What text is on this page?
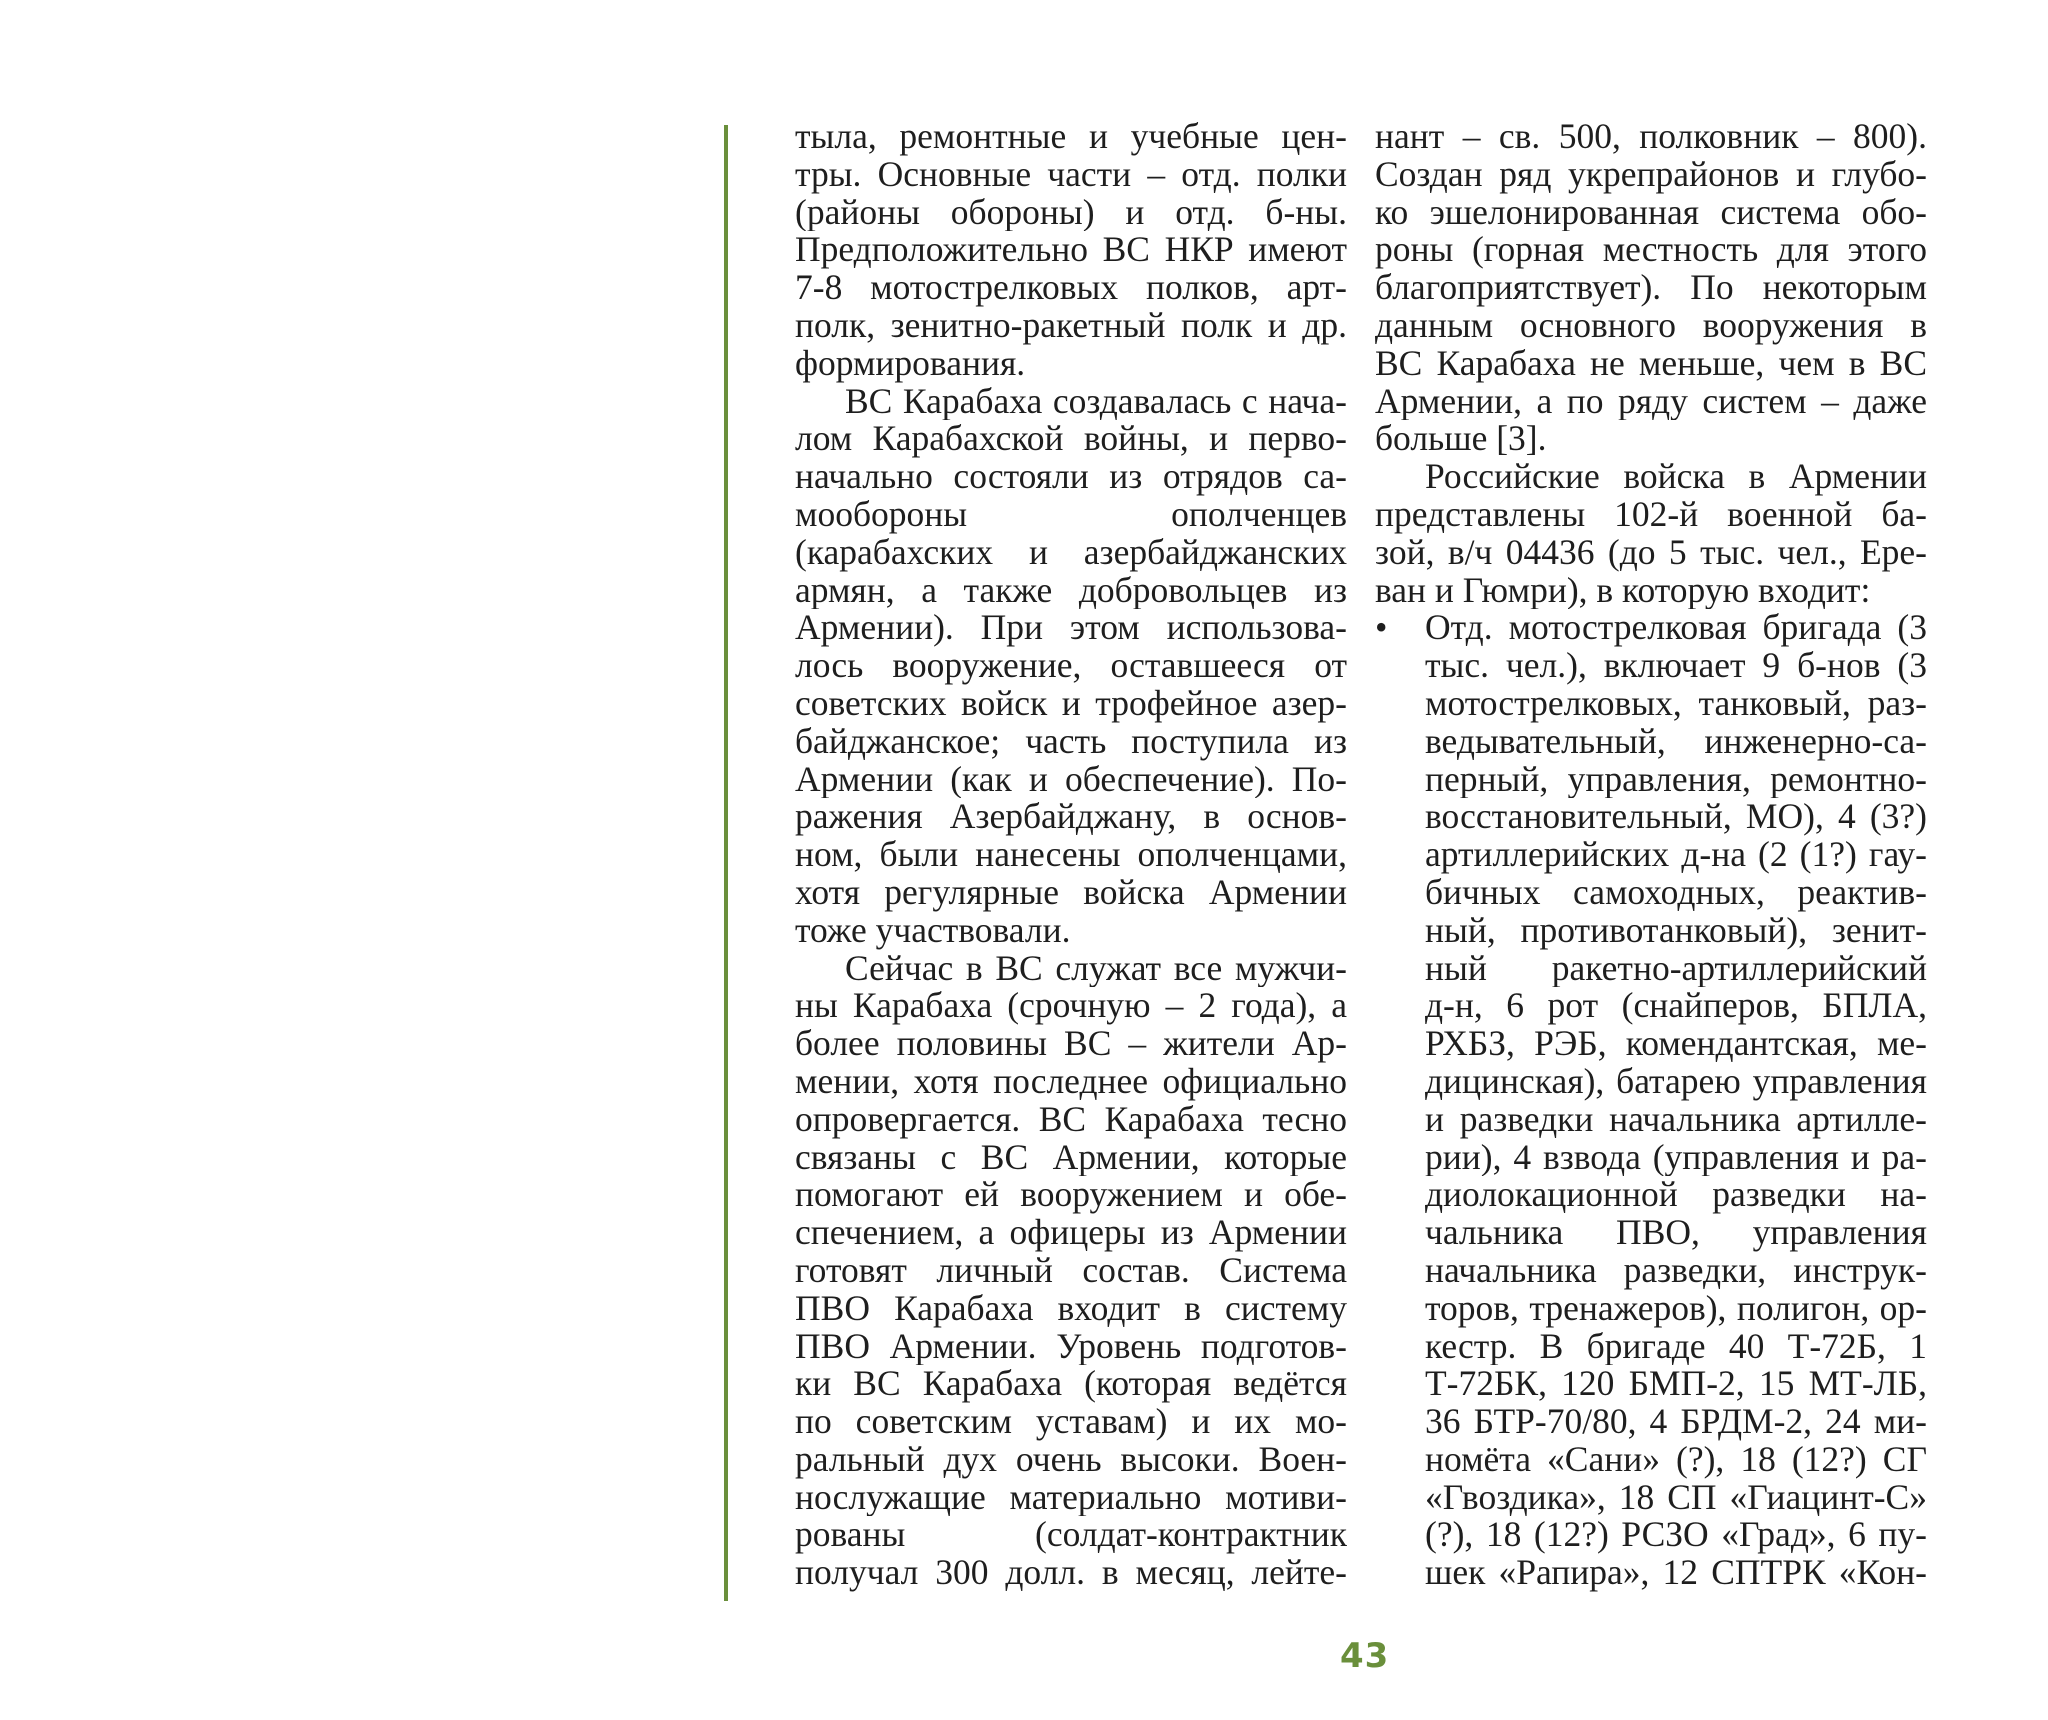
тыла, ремонтные и учебные цен-
тры. Основные части – отд. полки
(районы обороны) и отд. б-ны.
Предположительно ВС НКР имеют
7-8 мотострелковых полков, арт-
полк, зенитно-ракетный полк и др.
формирования.
ВС Карабаха создавалась с нача-
лом Карабахской войны, и перво-
начально состояли из отрядов са-
мообороны ополченцев
(карабахских и азербайджанских
армян, а также добровольцев из
Армении). При этом использова-
лось вооружение, оставшееся от
советских войск и трофейное азер-
байджанское; часть поступила из
Армении (как и обеспечение). По-
ражения Азербайджану, в основ-
ном, были нанесены ополченцами,
хотя регулярные войска Армении
тоже участвовали.
Сейчас в ВС служат все мужчи-
ны Карабаха (срочную – 2 года), а
более половины ВС – жители Ар-
мении, хотя последнее официально
опровергается. ВС Карабаха тесно
связаны с ВС Армении, которые
помогают ей вооружением и обе-
спечением, а офицеры из Армении
готовят личный состав. Система
ПВО Карабаха входит в систему
ПВО Армении. Уровень подготов-
ки ВС Карабаха (которая ведётся
по советским уставам) и их мо-
ральный дух очень высоки. Воен-
нослужащие материально мотиви-
рованы (солдат-контрактник
получал 300 долл. в месяц, лейте-
нант – св. 500, полковник – 800).
Создан ряд укрепрайонов и глубо-
ко эшелонированная система обо-
роны (горная местность для этого
благоприятствует). По некоторым
данным основного вооружения в
ВС Карабаха не меньше, чем в ВС
Армении, а по ряду систем – даже
больше [3].
Российские войска в Армении
представлены 102-й военной ба-
зой, в/ч 04436 (до 5 тыс. чел., Ере-
ван и Гюмри), в которую входит:
•	Отд. мотострелковая бригада (3
тыс. чел.), включает 9 б-нов (3
мотострелковых, танковый, раз-
ведывательный, инженерно-са-
перный, управления, ремонтно-
восстановительный, МО), 4 (3?)
артиллерийских д-на (2 (1?) гау-
бичных самоходных, реактив-
ный, противотанковый), зенит-
ный ракетно-артиллерийский
д-н, 6 рот (снайперов, БПЛА,
РХБЗ, РЭБ, комендантская, ме-
дицинская), батарею управления
и разведки начальника артилле-
рии), 4 взвода (управления и ра-
диолокационной разведки на-
чальника ПВО, управления
начальника разведки, инструк-
торов, тренажеров), полигон, ор-
кестр. В бригаде 40 Т-72Б, 1
Т-72БК, 120 БМП-2, 15 МТ-ЛБ,
36 БТР-70/80, 4 БРДМ-2, 24 ми-
номёта «Сани» (?), 18 (12?) СГ
«Гвоздика», 18 СП «Гиацинт-С»
(?), 18 (12?) РСЗО «Град», 6 пу-
шек «Рапира», 12 СПТРК «Кон-
43
